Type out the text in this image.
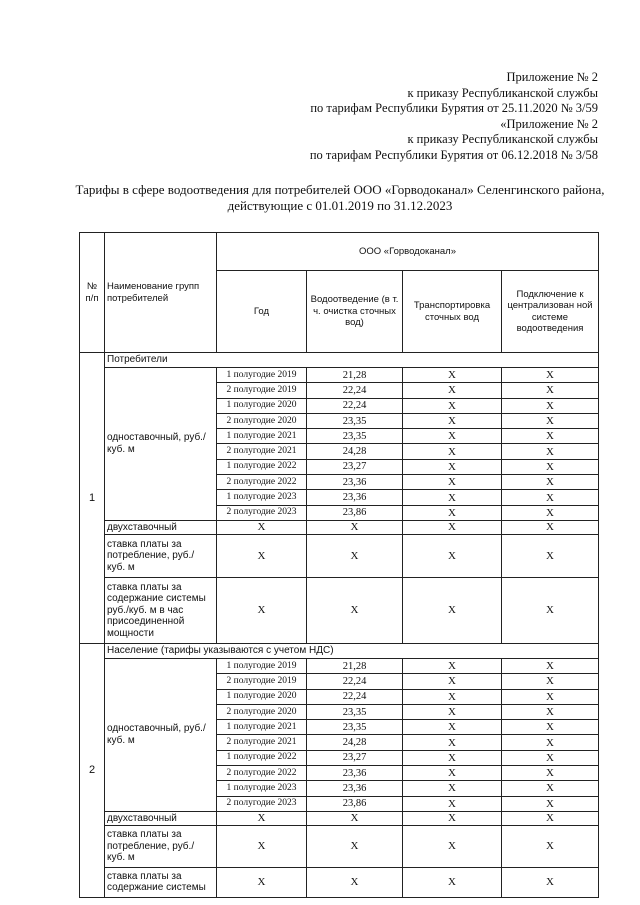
Приложение № 2
к приказу Республиканской службы
по тарифам Республики Бурятия от 25.11.2020 № 3/59
«Приложение № 2
к приказу Республиканской службы
по тарифам Республики Бурятия от 06.12.2018 № 3/58
Тарифы в сфере водоотведения для потребителей ООО «Горводоканал» Селенгинского района,
действующие с 01.01.2019 по 31.12.2023
№ п/п	Наименование групп потребителей	ООО «Горводоканал»			
		Год	Водоотведение (в т. ч. очистка сточных вод)	Транспортировка сточных вод	Подключение к централизован ной системе водоотведения
1	Потребители				
	одноставочный, руб./ куб. м	1 полугодие 2019	21,28	X	X
		2 полугодие 2019	22,24	X	X
		1 полугодие 2020	22,24	X	X
		2 полугодие 2020	23,35	X	X
		1 полугодие 2021	23,35	X	X
		2 полугодие 2021	24,28	X	X
		1 полугодие 2022	23,27	X	X
		2 полугодие 2022	23,36	X	X
		1 полугодие 2023	23,36	X	X
		2 полугодие 2023	23,86	X	X
	двухставочный	X	X	X	X
	ставка платы за потребление, руб./ куб. м	X	X	X	X
	ставка платы за содержание системы руб./куб. м в час присоединенной мощности	X	X	X	X
2	Население (тарифы указываются с учетом НДС)				
	одноставочный, руб./ куб. м	1 полугодие 2019	21,28	X	X
		2 полугодие 2019	22,24	X	X
		1 полугодие 2020	22,24	X	X
		2 полугодие 2020	23,35	X	X
		1 полугодие 2021	23,35	X	X
		2 полугодие 2021	24,28	X	X
		1 полугодие 2022	23,27	X	X
		2 полугодие 2022	23,36	X	X
		1 полугодие 2023	23,36	X	X
		2 полугодие 2023	23,86	X	X
	двухставочный	X	X	X	X
	ставка платы за потребление, руб./ куб. м	X	X	X	X
	ставка платы за содержание системы	X	X	X	X
